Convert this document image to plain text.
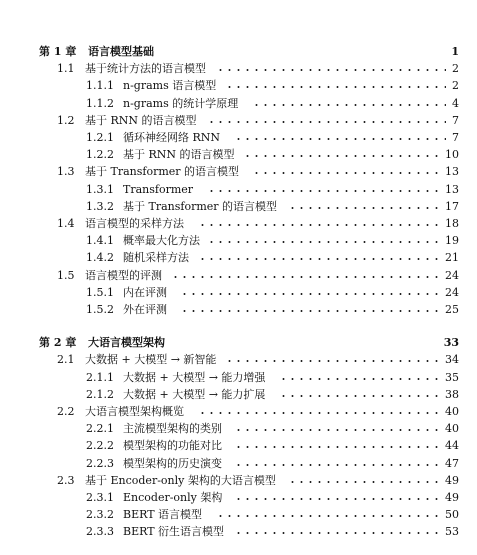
第 1 章 语言模型基础	1
1.1 基于统计方法的语言模型	2
1.1.1 n-grams 语言模型	2
1.1.2 n-grams 的统计学原理	4
1.2 基于 RNN 的语言模型	7
1.2.1 循环神经网络 RNN	7
1.2.2 基于 RNN 的语言模型	10
1.3 基于 Transformer 的语言模型	13
1.3.1 Transformer	13
1.3.2 基于 Transformer 的语言模型	17
1.4 语言模型的采样方法	18
1.4.1 概率最大化方法	19
1.4.2 随机采样方法	21
1.5 语言模型的评测	24
1.5.1 内在评测	24
1.5.2 外在评测	25
第 2 章 大语言模型架构	33
2.1 大数据 + 大模型 → 新智能	34
2.1.1 大数据 + 大模型 → 能力增强	35
2.1.2 大数据 + 大模型 → 能力扩展	38
2.2 大语言模型架构概览	40
2.2.1 主流模型架构的类别	40
2.2.2 模型架构的功能对比	44
2.2.3 模型架构的历史演变	47
2.3 基于 Encoder-only 架构的大语言模型	49
2.3.1 Encoder-only 架构	49
2.3.2 BERT 语言模型	50
2.3.3 BERT 衍生语言模型	53
